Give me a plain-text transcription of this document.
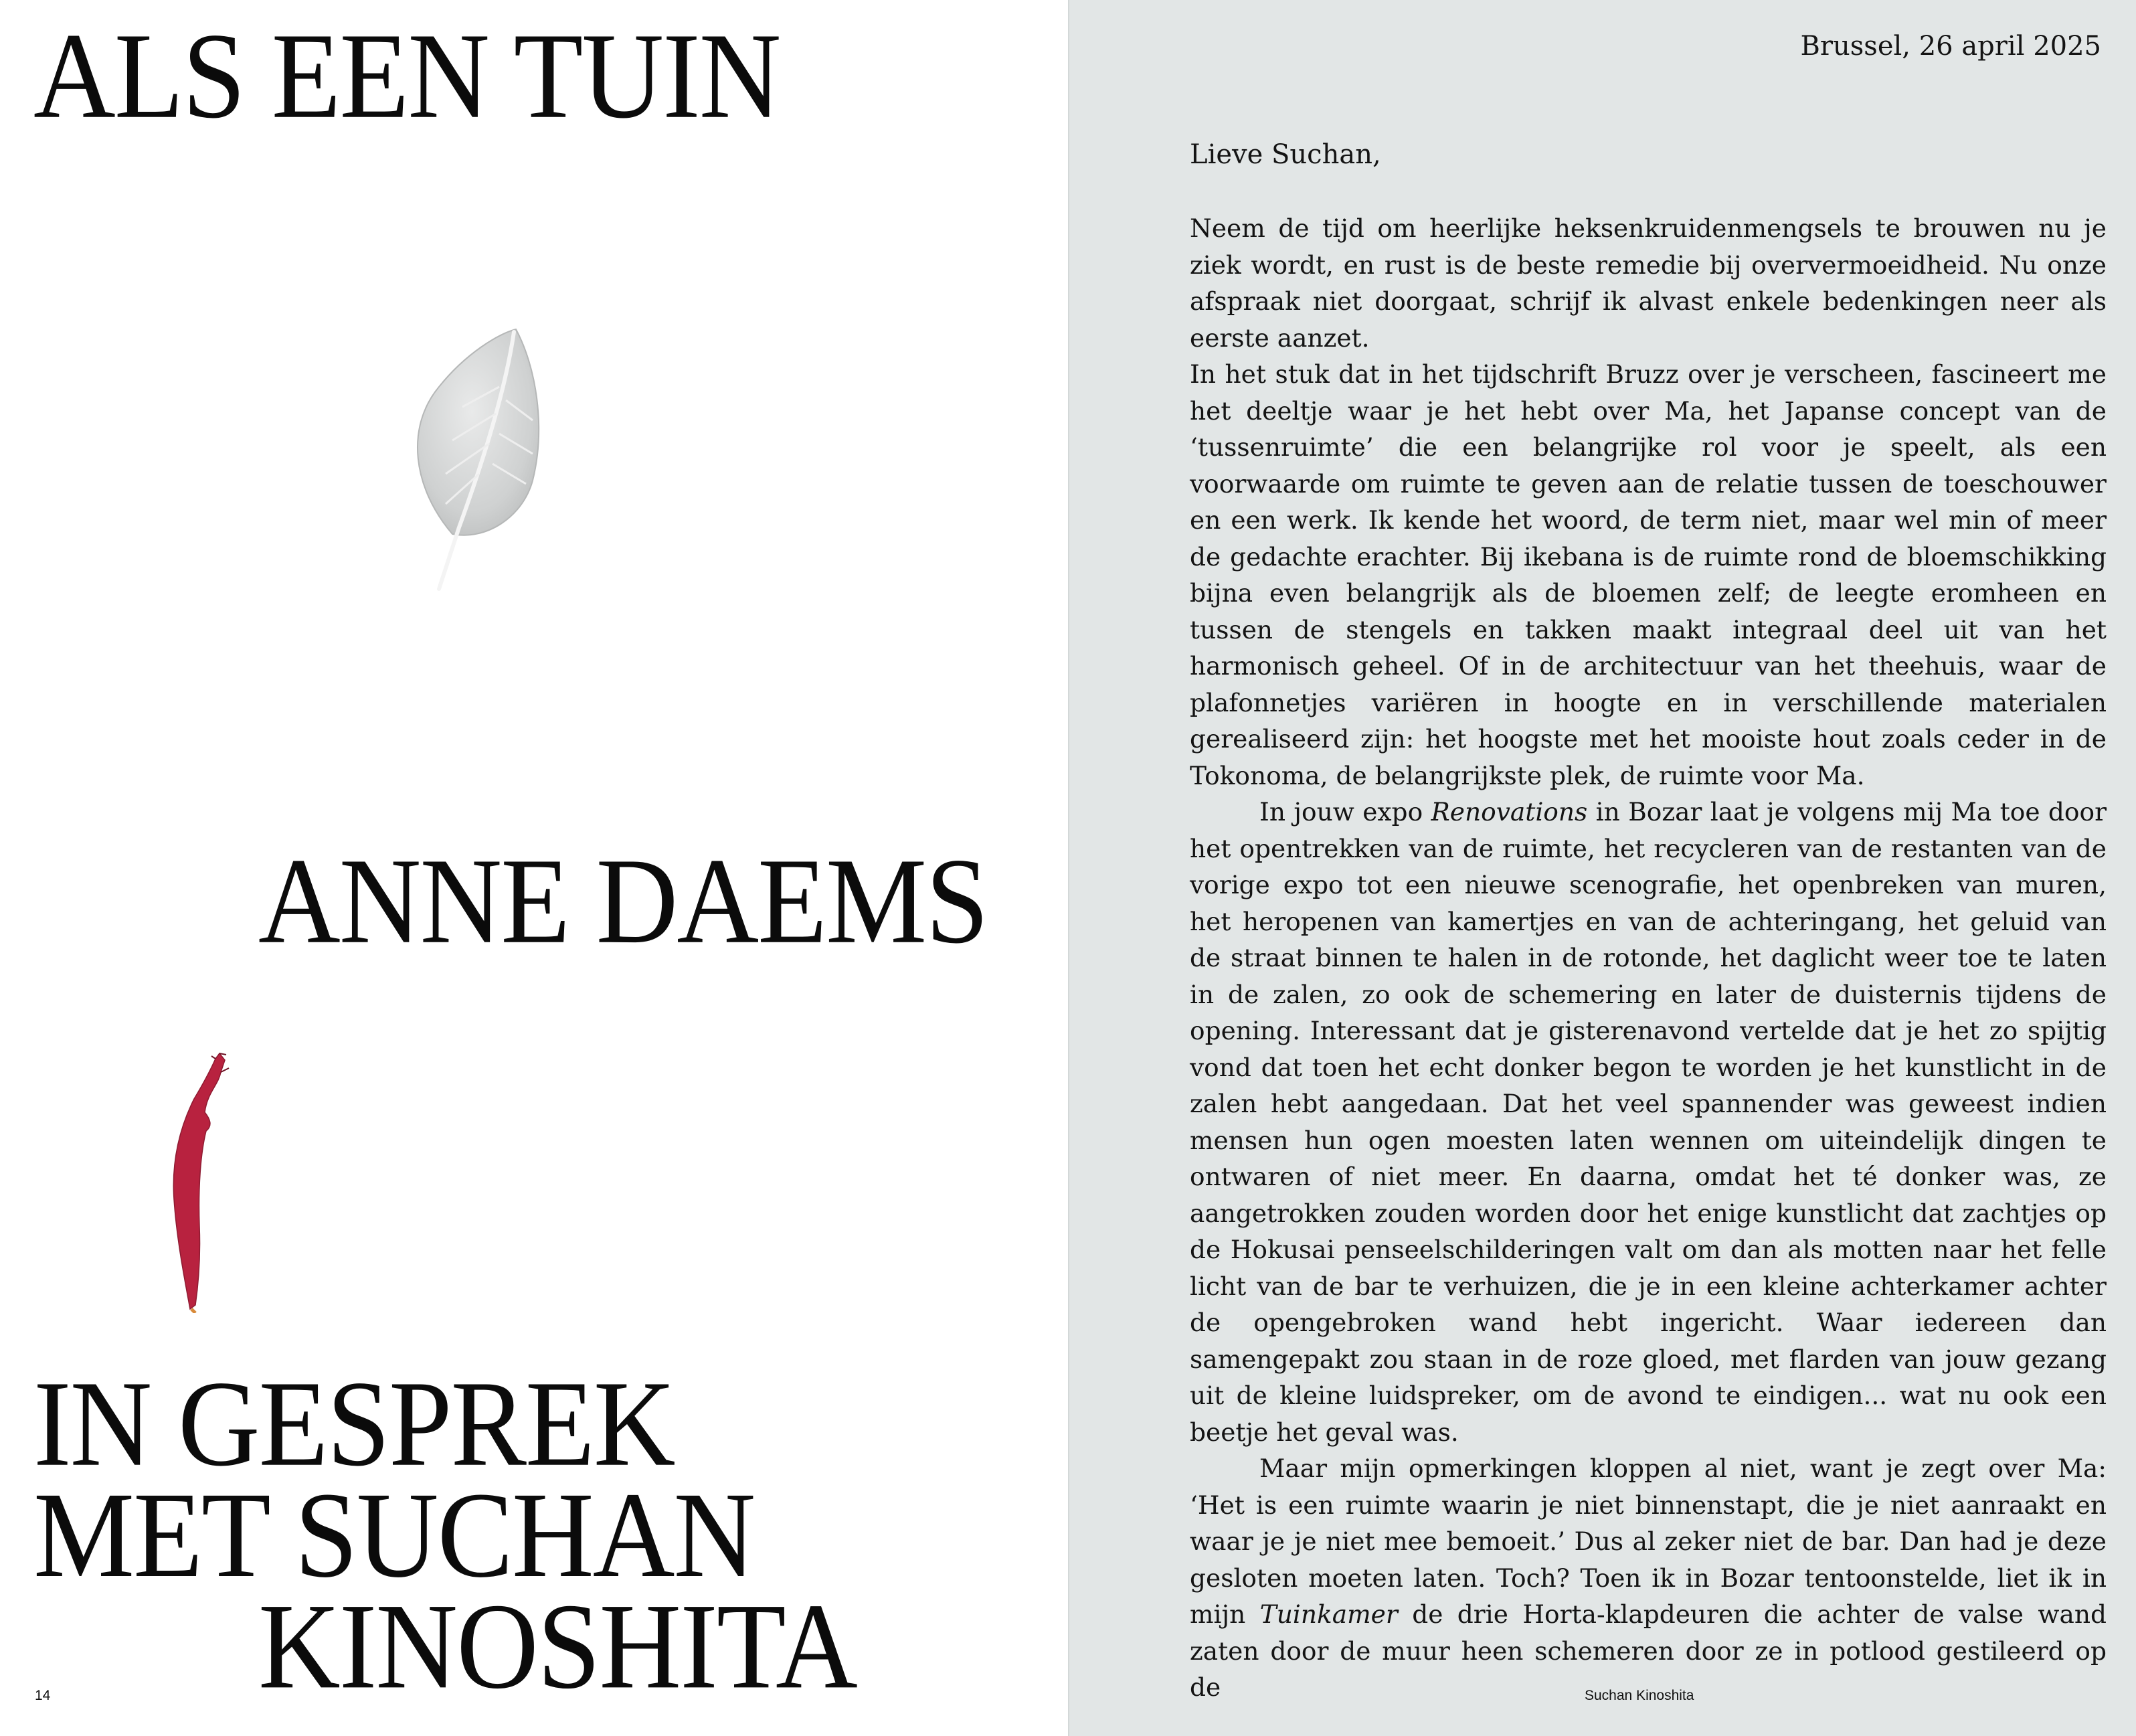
ALS EEN TUIN
ANNE DAEMS
IN GESPREK
MET SUCHAN
KINOSHITA
14

Brussel, 26 april 2025

Lieve Suchan,

Neem de tijd om heerlijke heksenkruidenmengsels te brouwen nu je ziek wordt, en rust is de beste remedie bij oververmoeidheid. Nu onze afspraak niet doorgaat, schrijf ik alvast enkele bedenkingen neer als eerste aanzet.

In het stuk dat in het tijdschrift Bruzz over je verscheen, fascineert me het deeltje waar je het hebt over Ma, het Japanse concept van de ‘tussenruimte’ die een belangrijke rol voor je speelt, als een voorwaarde om ruimte te geven aan de relatie tussen de toeschouwer en een werk. Ik kende het woord, de term niet, maar wel min of meer de gedachte erachter. Bij ikebana is de ruimte rond de bloemschikking bijna even belangrijk als de bloemen zelf; de leegte eromheen en tussen de stengels en takken maakt integraal deel uit van het harmonisch geheel. Of in de architectuur van het theehuis, waar de plafonnetjes variëren in hoogte en in verschillende materialen gerealiseerd zijn: het hoogste met het mooiste hout zoals ceder in de Tokonoma, de belangrijkste plek, de ruimte voor Ma.

In jouw expo Renovations in Bozar laat je volgens mij Ma toe door het opentrekken van de ruimte, het recycleren van de restanten van de vorige expo tot een nieuwe scenografie, het openbreken van muren, het heropenen van kamertjes en van de achteringang, het geluid van de straat binnen te halen in de rotonde, het daglicht weer toe te laten in de zalen, zo ook de schemering en later de duisternis tijdens de opening. Interessant dat je gisterenavond vertelde dat je het zo spijtig vond dat toen het echt donker begon te worden je het kunstlicht in de zalen hebt aangedaan. Dat het veel spannender was geweest indien mensen hun ogen moesten laten wennen om uiteindelijk dingen te ontwaren of niet meer. En daarna, omdat het té donker was, ze aangetrokken zouden worden door het enige kunstlicht dat zachtjes op de Hokusai penseelschilderingen valt om dan als motten naar het felle licht van de bar te verhuizen, die je in een kleine achterkamer achter de opengebroken wand hebt ingericht. Waar iedereen dan samengepakt zou staan in de roze gloed, met flarden van jouw gezang uit de kleine luidspreker, om de avond te eindigen... wat nu ook een beetje het geval was.

Maar mijn opmerkingen kloppen al niet, want je zegt over Ma: ‘Het is een ruimte waarin je niet binnenstapt, die je niet aanraakt en waar je je niet mee bemoeit.’ Dus al zeker niet de bar. Dan had je deze gesloten moeten laten. Toch? Toen ik in Bozar tentoonstelde, liet ik in mijn Tuinkamer de drie Horta-klapdeuren die achter de valse wand zaten door de muur heen schemeren door ze in potlood gestileerd op de	Suchan Kinoshita
